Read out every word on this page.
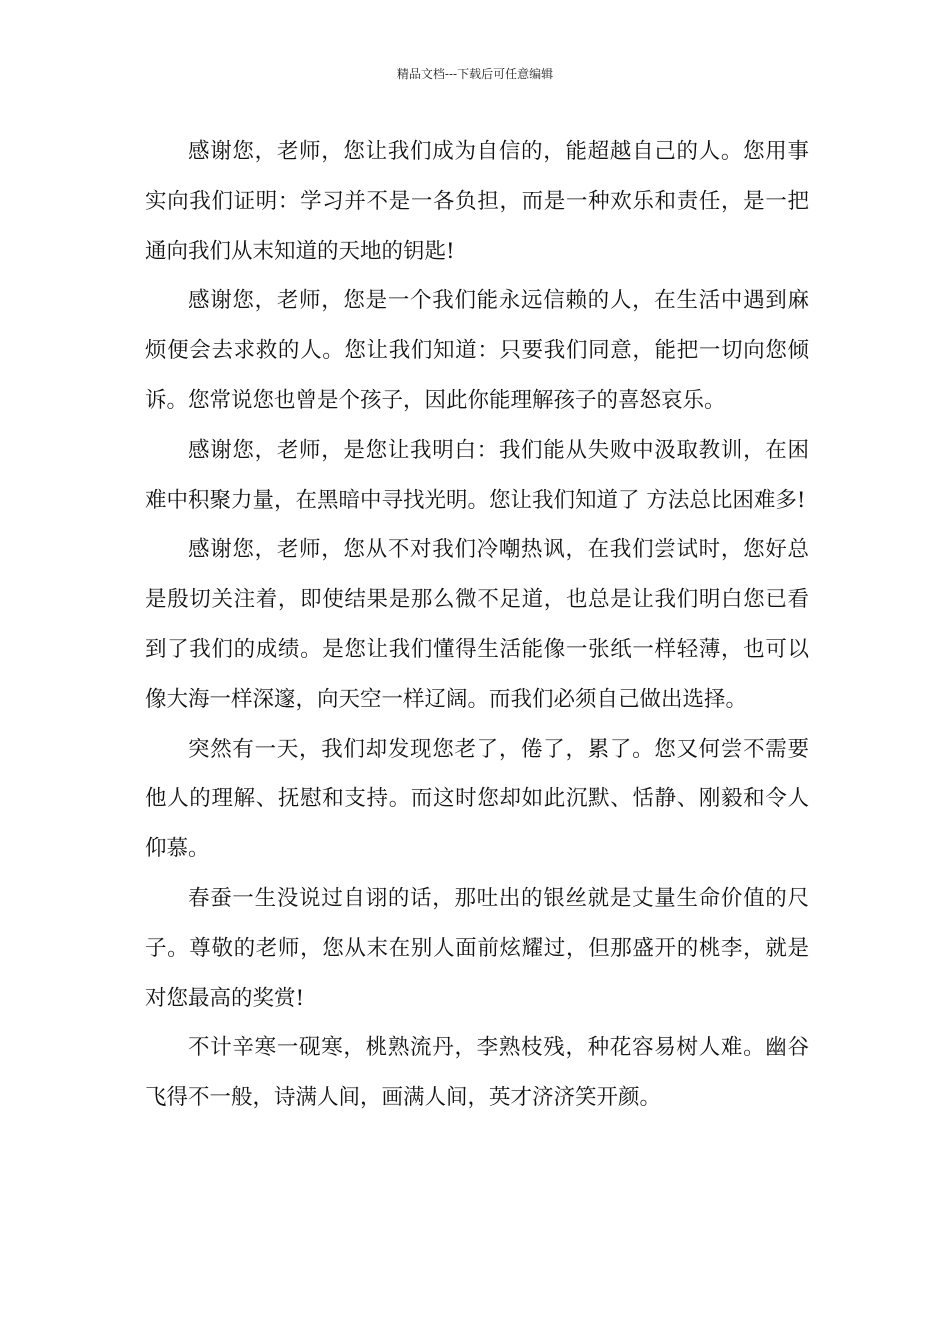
精品文档---下载后可任意编辑

感谢您，老师，您让我们成为自信的，能超越自己的人。您用事实向我们证明：学习并不是一各负担，而是一种欢乐和责任，是一把通向我们从末知道的天地的钥匙!

感谢您，老师，您是一个我们能永远信赖的人，在生活中遇到麻烦便会去求救的人。您让我们知道：只要我们同意，能把一切向您倾诉。您常说您也曾是个孩子，因此你能理解孩子的喜怒哀乐。

感谢您，老师，是您让我明白：我们能从失败中汲取教训，在困难中积聚力量，在黑暗中寻找光明。您让我们知道了 方法总比困难多!

感谢您，老师，您从不对我们冷嘲热讽，在我们尝试时，您好总是殷切关注着，即使结果是那么微不足道，也总是让我们明白您已看到了我们的成绩。是您让我们懂得生活能像一张纸一样轻薄，也可以像大海一样深邃，向天空一样辽阔。而我们必须自己做出选择。

突然有一天，我们却发现您老了，倦了，累了。您又何尝不需要他人的理解、抚慰和支持。而这时您却如此沉默、恬静、刚毅和令人仰慕。

春蚕一生没说过自诩的话，那吐出的银丝就是丈量生命价值的尺子。尊敬的老师，您从末在别人面前炫耀过，但那盛开的桃李，就是对您最高的奖赏!

不计辛寒一砚寒，桃熟流丹，李熟枝残，种花容易树人难。幽谷飞得不一般，诗满人间，画满人间，英才济济笑开颜。
